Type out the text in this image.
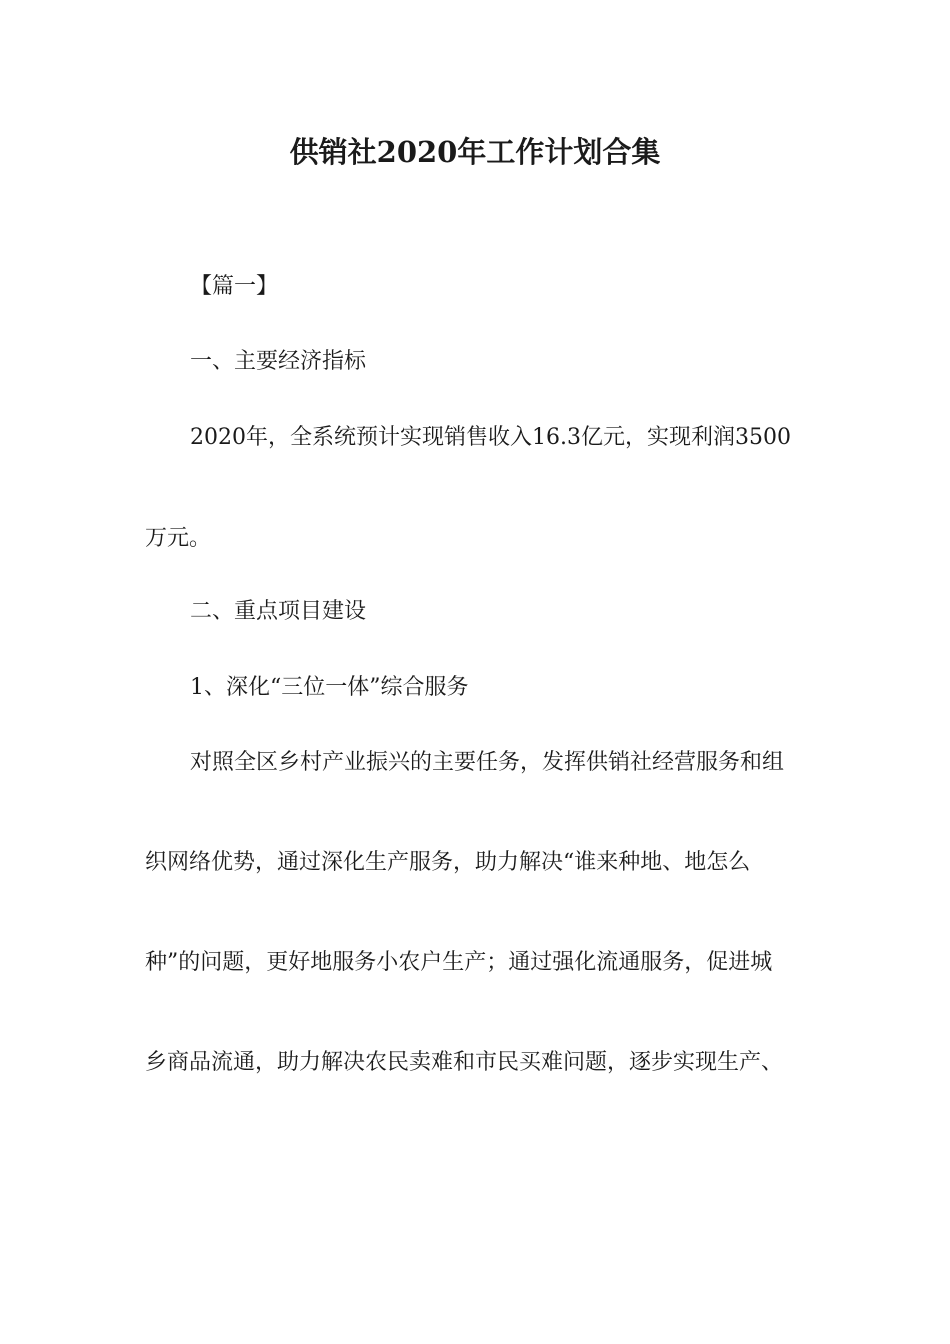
供销社2020年工作计划合集
【篇一】
一、主要经济指标
2020年，全系统预计实现销售收入16.3亿元，实现利润3500
万元。
二、重点项目建设
1、深化“三位一体”综合服务
对照全区乡村产业振兴的主要任务，发挥供销社经营服务和组
织网络优势，通过深化生产服务，助力解决“谁来种地、地怎么
种”的问题，更好地服务小农户生产；通过强化流通服务，促进城
乡商品流通，助力解决农民卖难和市民买难问题，逐步实现生产、
